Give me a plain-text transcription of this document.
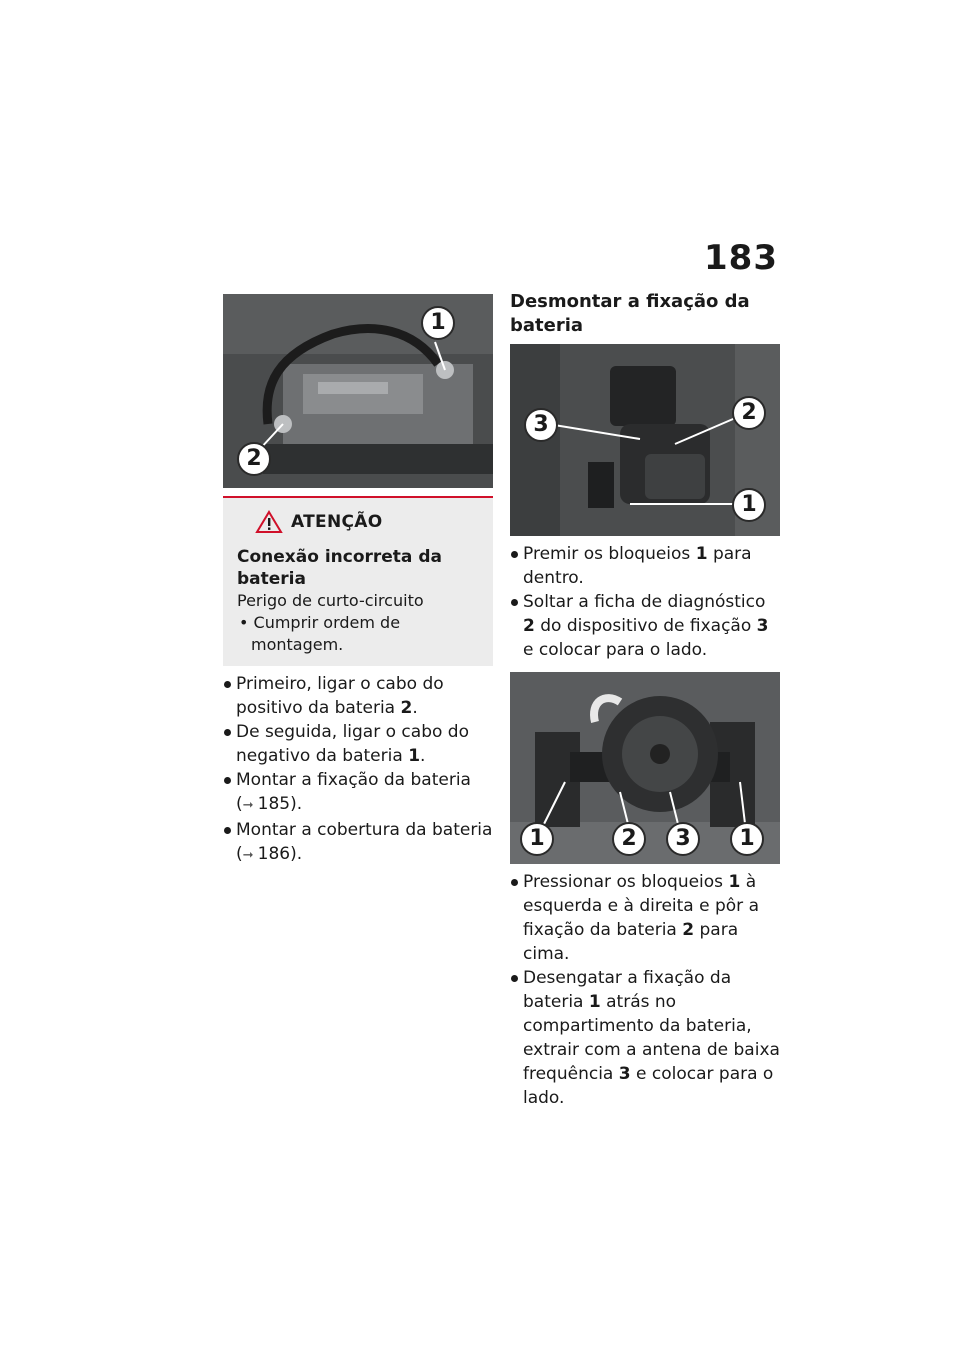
183
1
2
ATENÇÃO
Conexão incorreta da bateria
Perigo de curto-circuito
• Cumprir ordem de montagem.
Primeiro, ligar o cabo do positivo da bateria 2.
De seguida, ligar o cabo do negativo da bateria 1.
Montar a fixação da bateria (➞ 185).
Montar a cobertura da bateria (➞ 186).
Desmontar a fixação da bateria
3	2
1
Premir os bloqueios 1 para dentro.
Soltar a ficha de diagnóstico 2 do dispositivo de fixação 3 e colocar para o lado.
1	2	3	1
Pressionar os bloqueios 1 à esquerda e à direita e pôr a fixação da bateria 2 para cima.
Desengatar a fixação da bateria 1 atrás no compartimento da bateria, extrair com a antena de baixa frequência 3 e colocar para o lado.
